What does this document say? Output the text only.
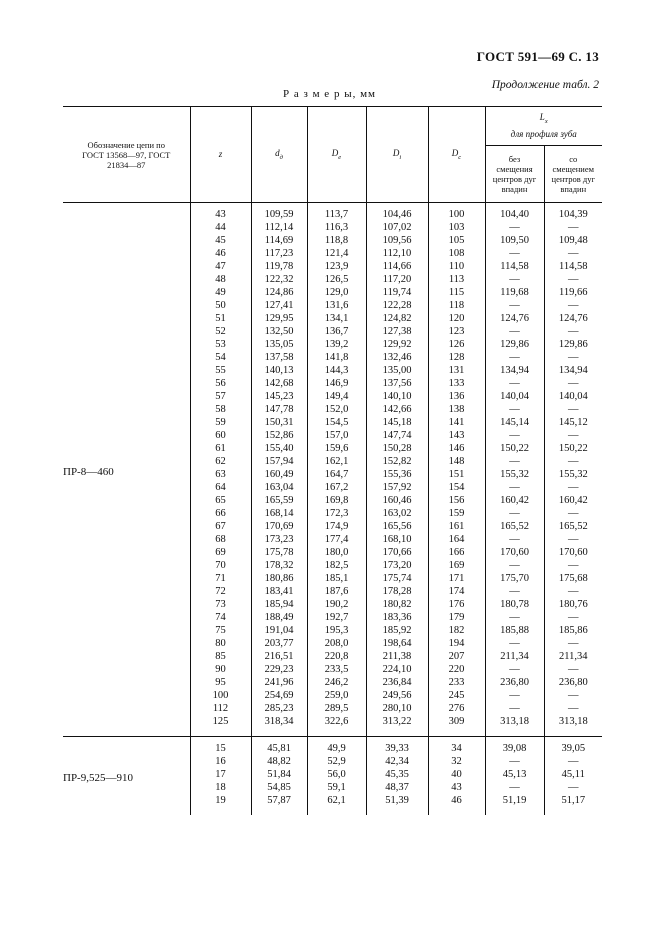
ГОСТ 591—69 С. 13
Продолжение табл. 2
Р а з м е р ы, мм
Обозначение цепи по ГОСТ 13568—97, ГОСТ 21834—87	z	$d_д$	$D_e$	$D_i$	$D_c$	$L_x$
для профиля зуба	

						без смещения центров дуг впадин	со смещением центров дуг впадин

ПР-8—460	43	109,59	113,7	104,46	100	104,40	104,39
	44	112,14	116,3	107,02	103	—	—
	45	114,69	118,8	109,56	105	109,50	109,48
	46	117,23	121,4	112,10	108	—	—
	47	119,78	123,9	114,66	110	114,58	114,58
	48	122,32	126,5	117,20	113	—	—
	49	124,86	129,0	119,74	115	119,68	119,66
	50	127,41	131,6	122,28	118	—	—
	51	129,95	134,1	124,82	120	124,76	124,76
	52	132,50	136,7	127,38	123	—	—
	53	135,05	139,2	129,92	126	129,86	129,86
	54	137,58	141,8	132,46	128	—	—
	55	140,13	144,3	135,00	131	134,94	134,94
	56	142,68	146,9	137,56	133	—	—
	57	145,23	149,4	140,10	136	140,04	140,04
	58	147,78	152,0	142,66	138	—	—
	59	150,31	154,5	145,18	141	145,14	145,12
	60	152,86	157,0	147,74	143	—	—
	61	155,40	159,6	150,28	146	150,22	150,22
	62	157,94	162,1	152,82	148	—	—
	63	160,49	164,7	155,36	151	155,32	155,32
	64	163,04	167,2	157,92	154	—	—
	65	165,59	169,8	160,46	156	160,42	160,42
	66	168,14	172,3	163,02	159	—	—
	67	170,69	174,9	165,56	161	165,52	165,52
	68	173,23	177,4	168,10	164	—	—
	69	175,78	180,0	170,66	166	170,60	170,60
	70	178,32	182,5	173,20	169	—	—
	71	180,86	185,1	175,74	171	175,70	175,68
	72	183,41	187,6	178,28	174	—	—
	73	185,94	190,2	180,82	176	180,78	180,76
	74	188,49	192,7	183,36	179	—	—
	75	191,04	195,3	185,92	182	185,88	185,86
	80	203,77	208,0	198,64	194	—	—
	85	216,51	220,8	211,38	207	211,34	211,34
	90	229,23	233,5	224,10	220	—	—
	95	241,96	246,2	236,84	233	236,80	236,80
	100	254,69	259,0	249,56	245	—	—
	112	285,23	289,5	280,10	276	—	—
	125	318,34	322,6	313,22	309	313,18	313,18

ПР-9,525—910	15	45,81	49,9	39,33	34	39,08	39,05
	16	48,82	52,9	42,34	32	—	—
	17	51,84	56,0	45,35	40	45,13	45,11
	18	54,85	59,1	48,37	43	—	—
	19	57,87	62,1	51,39	46	51,19	51,17
